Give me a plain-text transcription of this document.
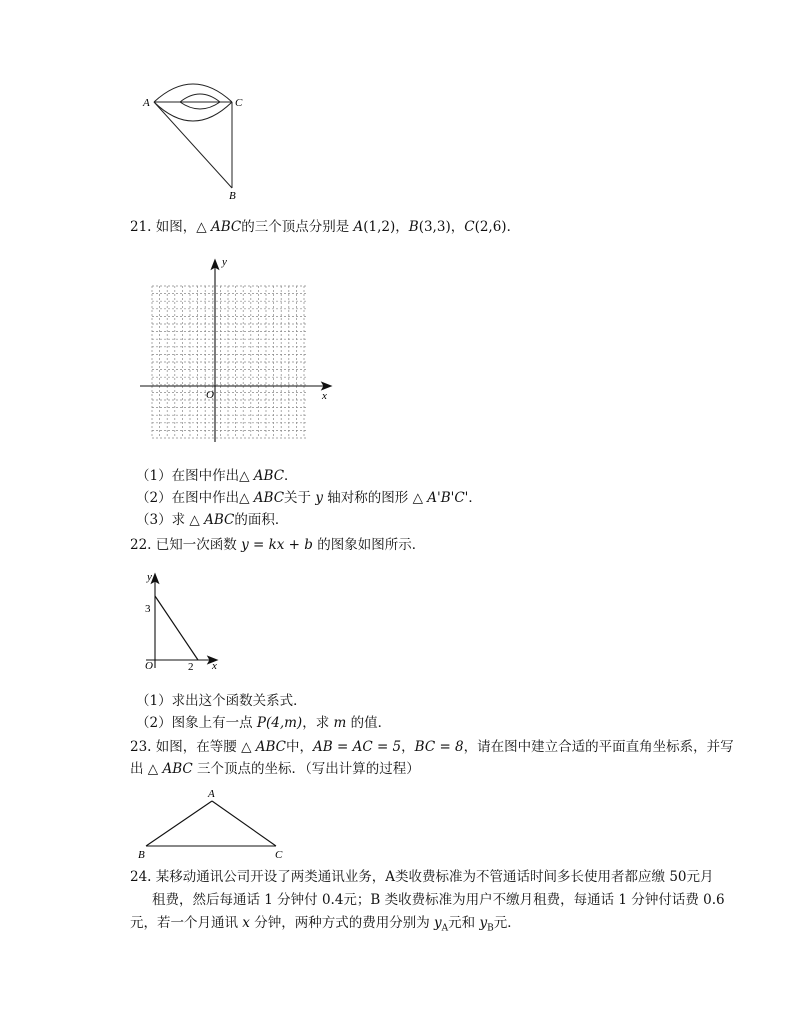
A	C
B
21. 如图，△ ABC的三个顶点分别是 A(1,2)，B(3,3)，C(2,6)．
y
x
O
（1）在图中作出△ ABC．
（2）在图中作出△ ABC关于 y 轴对称的图形 △ A'B'C'．
（3）求 △ ABC的面积．
22. 已知一次函数 y = kx + b 的图象如图所示．
y
x
O
3
2
（1）求出这个函数关系式．
（2）图象上有一点 P(4,m)，求 m 的值．
23. 如图，在等腰 △ ABC中，AB = AC = 5，BC = 8，请在图中建立合适的平面直角坐标系，并写
出 △ ABC 三个顶点的坐标．（写出计算的过程）
A
B	C
24. 某移动通讯公司开设了两类通讯业务，A类收费标准为不管通话时间多长使用者都应缴 50元月
租费，然后每通话 1 分钟付 0.4元；B 类收费标准为用户不缴月租费，每通话 1 分钟付话费 0.6
元，若一个月通讯 x 分钟，两种方式的费用分别为 $y_A$元和 $y_B$元．
